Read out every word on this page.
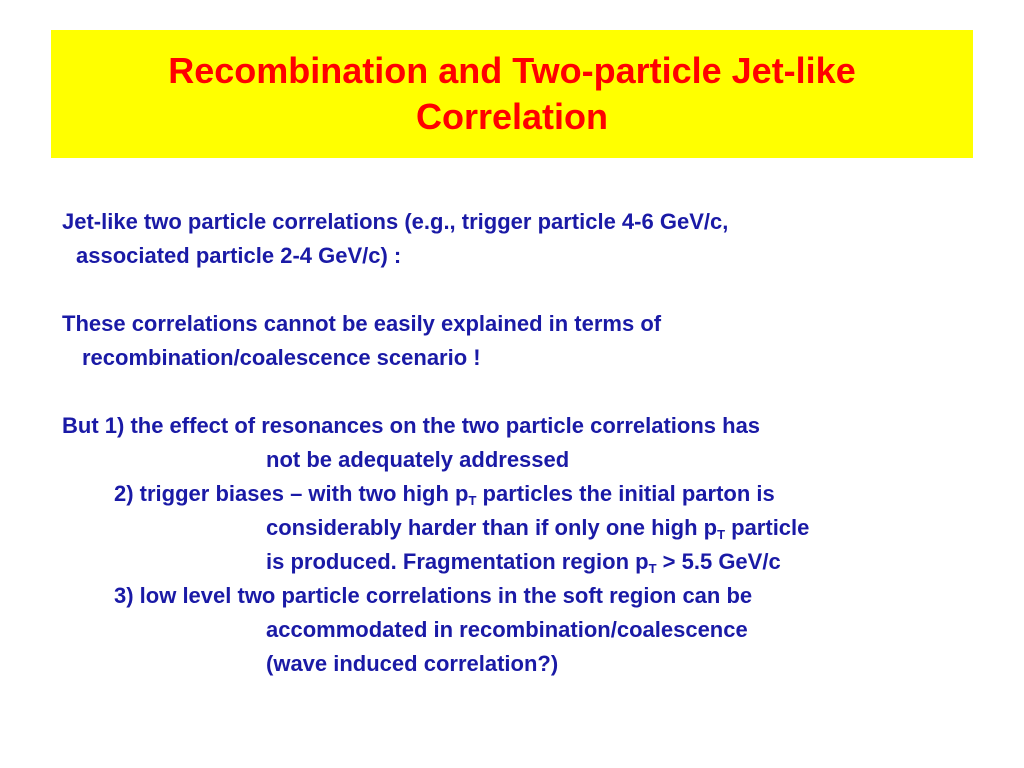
Recombination and Two-particle Jet-like
Correlation
Jet-like two particle correlations (e.g., trigger particle 4-6 GeV/c,
associated particle 2-4 GeV/c) :
These correlations cannot be easily explained in terms of
recombination/coalescence scenario !
But 1) the effect of resonances on the two particle correlations has
not be adequately addressed
2) trigger biases – with two high $p_T$ particles the initial parton is
considerably harder than if only one high $p_T$ particle
is produced. Fragmentation region $p_T > 5.5$ GeV/c
3) low level two particle correlations in the soft region can be
accommodated in recombination/coalescence
(wave induced correlation?)
